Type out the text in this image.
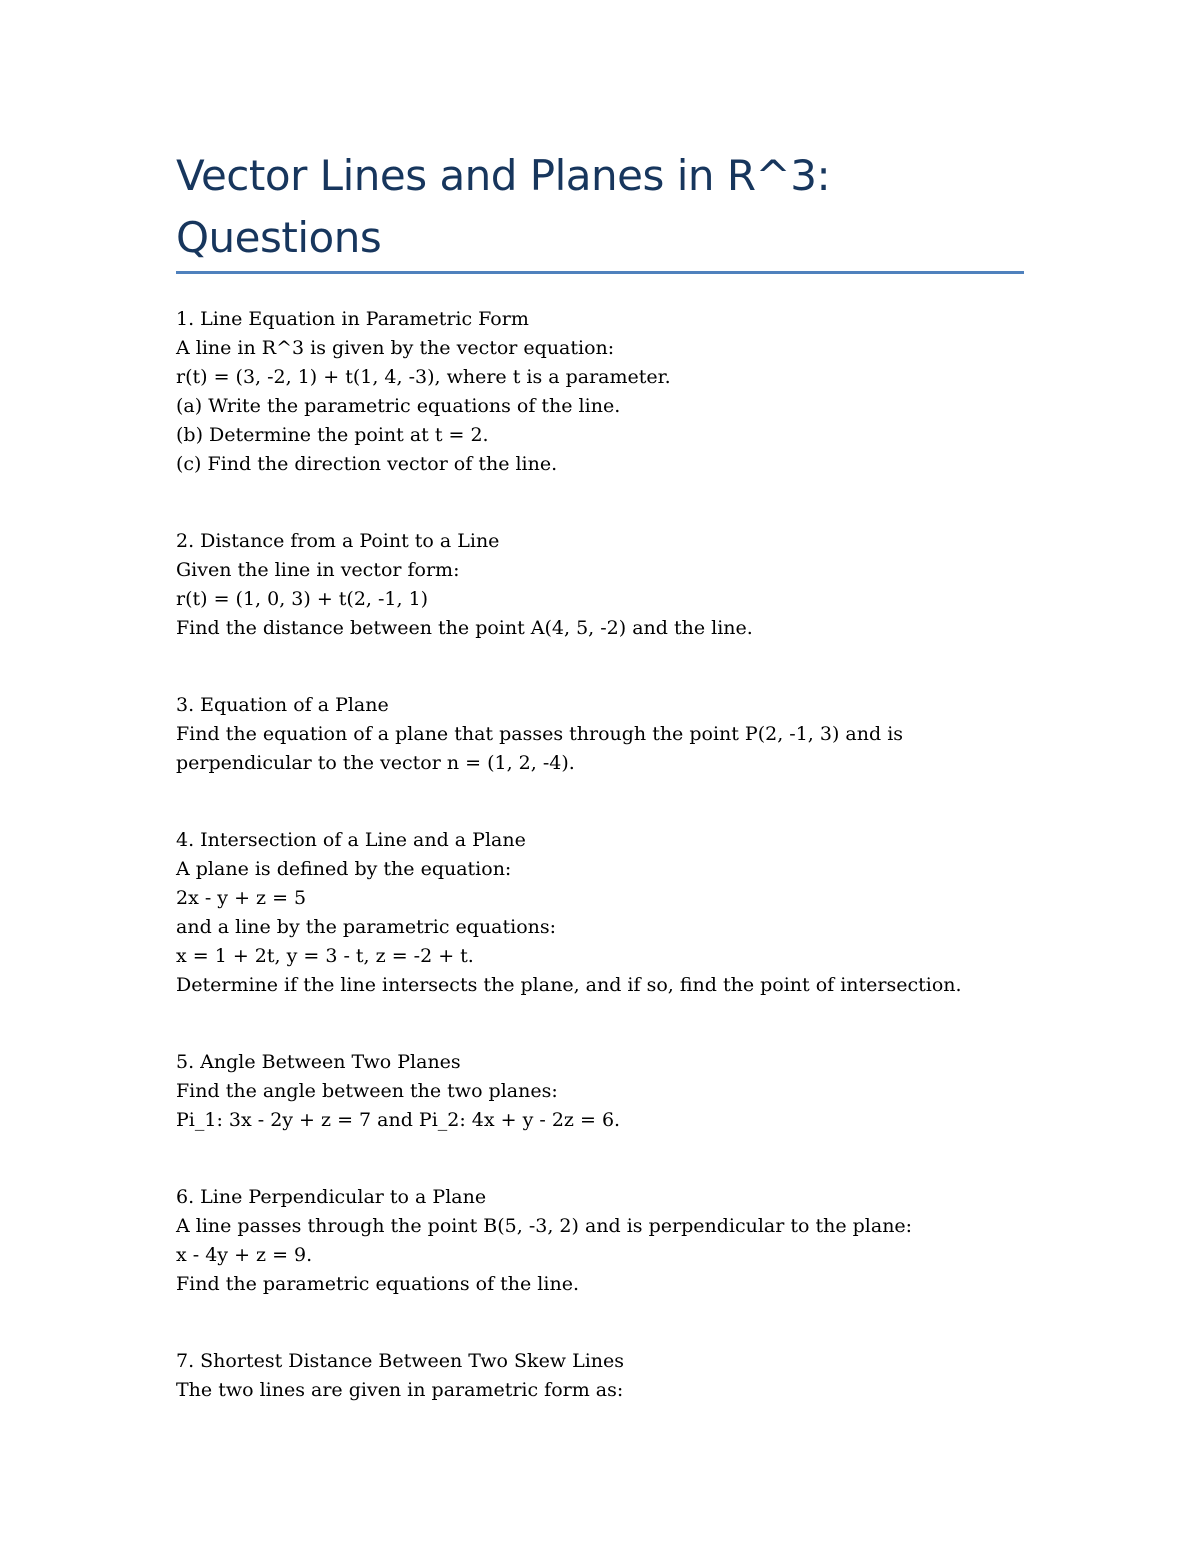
Vector Lines and Planes in R^3:
Questions
1. Line Equation in Parametric Form
A line in R^3 is given by the vector equation:
r(t) = (3, -2, 1) + t(1, 4, -3), where t is a parameter.
(a) Write the parametric equations of the line.
(b) Determine the point at t = 2.
(c) Find the direction vector of the line.
2. Distance from a Point to a Line
Given the line in vector form:
r(t) = (1, 0, 3) + t(2, -1, 1)
Find the distance between the point A(4, 5, -2) and the line.
3. Equation of a Plane
Find the equation of a plane that passes through the point P(2, -1, 3) and is perpendicular to the vector n = (1, 2, -4).
4. Intersection of a Line and a Plane
A plane is defined by the equation:
2x - y + z = 5
and a line by the parametric equations:
x = 1 + 2t, y = 3 - t, z = -2 + t.
Determine if the line intersects the plane, and if so, find the point of intersection.
5. Angle Between Two Planes
Find the angle between the two planes:
Pi_1: 3x - 2y + z = 7 and Pi_2: 4x + y - 2z = 6.
6. Line Perpendicular to a Plane
A line passes through the point B(5, -3, 2) and is perpendicular to the plane:
x - 4y + z = 9.
Find the parametric equations of the line.
7. Shortest Distance Between Two Skew Lines
The two lines are given in parametric form as:
